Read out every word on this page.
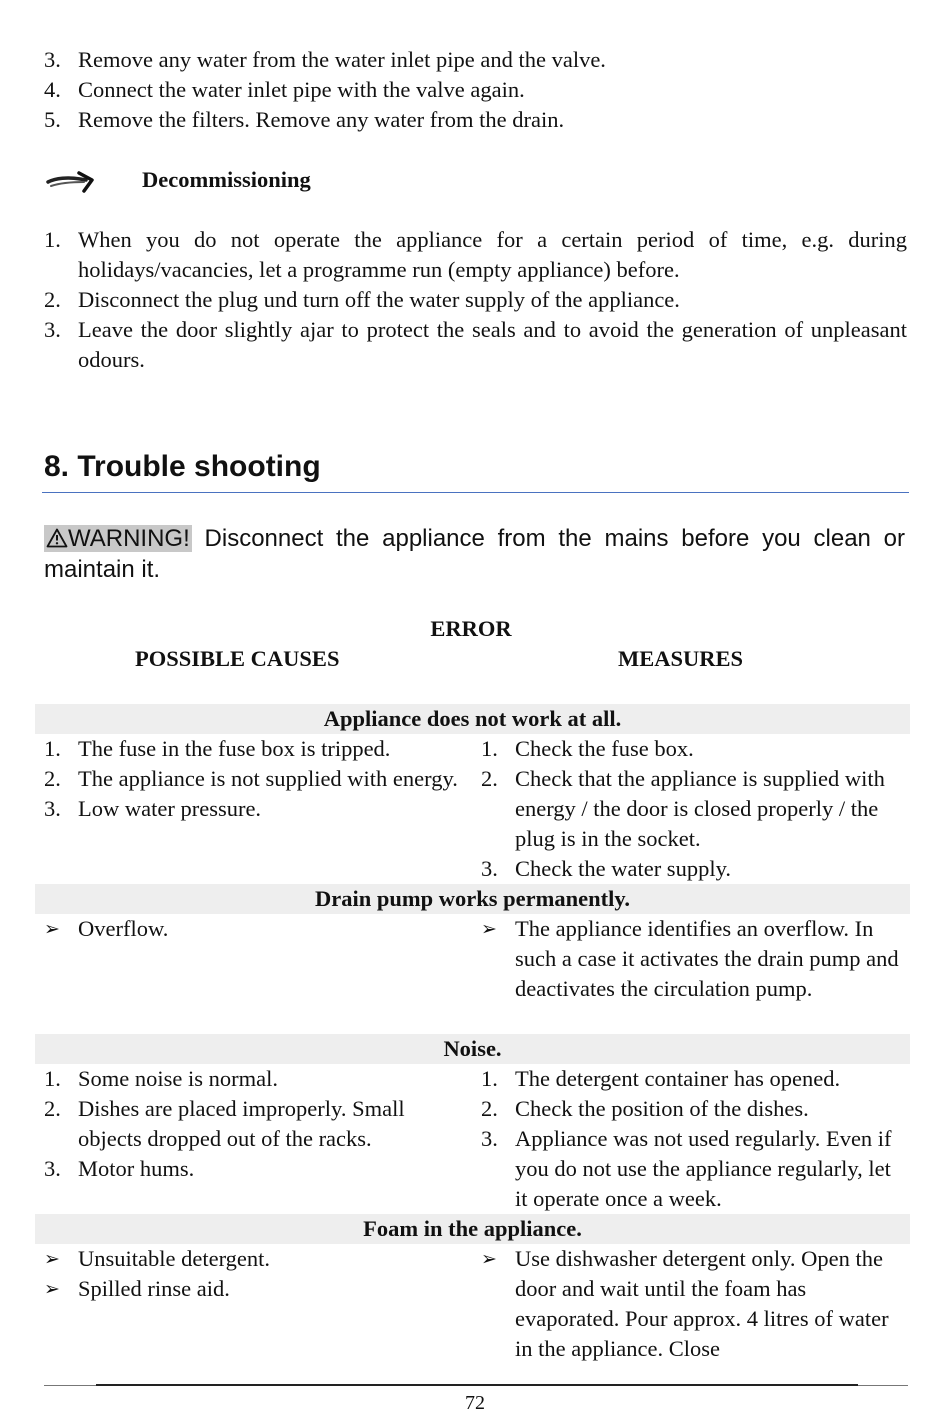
3. Remove any water from the water inlet pipe and the valve.
4. Connect the water inlet pipe with the valve again.
5. Remove the filters. Remove any water from the drain.
Decommissioning
1. When you do not operate the appliance for a certain period of time, e.g. during holidays/vacancies, let a programme run (empty appliance) before.
2. Disconnect the plug und turn off the water supply of the appliance.
3. Leave the door slightly ajar to protect the seals and to avoid the generation of unpleasant odours.
8. Trouble shooting
WARNING! Disconnect the appliance from the mains before you clean or maintain it.
ERROR
POSSIBLE CAUSES	MEASURES
Appliance does not work at all.
1. The fuse in the fuse box is tripped.
2. The appliance is not supplied with energy.
3. Low water pressure.
1. Check the fuse box.
2. Check that the appliance is supplied with energy / the door is closed properly / the plug is in the socket.
3. Check the water supply.
Drain pump works permanently.
➢ Overflow.	➢ The appliance identifies an overflow. In such a case it activates the drain pump and deactivates the circulation pump.
Noise.
1. Some noise is normal.
2. Dishes are placed improperly. Small objects dropped out of the racks.
3. Motor hums.
1. The detergent container has opened.
2. Check the position of the dishes.
3. Appliance was not used regularly. Even if you do not use the appliance regularly, let it operate once a week.
Foam in the appliance.
➢ Unsuitable detergent.
➢ Spilled rinse aid.
➢ Use dishwasher detergent only. Open the door and wait until the foam has evaporated. Pour approx. 4 litres of water in the appliance. Close
72
